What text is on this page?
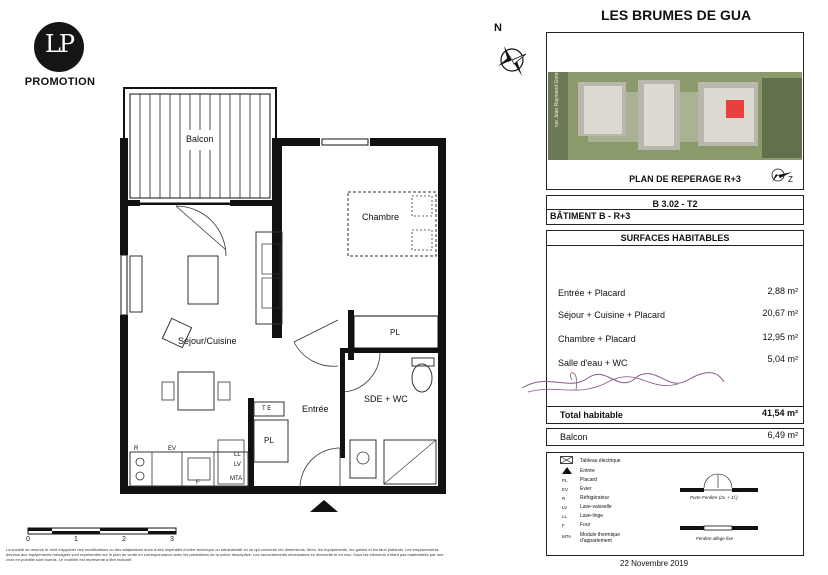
LP
PROMOTION
Balcon
Chambre
Séjour/Cuisine
PL
SDE + WC
Entrée
PL
T E
EV
R
LL
LV
MTA
F
0	1	2	3
LES BRUMES DE GUA
N
rue Jean Raymond Gorez
PLAN DE REPERAGE R+3	Z
B 3.02 - T2
BÂTIMENT B - R+3
SURFACES HABITABLES
Entrée + Placard	2,88 m²
Séjour + Cuisine + Placard	20,67 m²
Chambre + Placard	12,95 m²
Salle d'eau + WC	5,04 m²
Total habitable	41,54 m²
Balcon	6,49 m²
Tableau électrique
Entrée
PL Placard
EV Evier
R	Réfrigérateur
LV	Lave-vaisselle
LL	Lave-linge
F	Four
MTA Module thermique d'appartement
Porte Fenêtre (2v. + 1f.)
Fenêtre allège fixe
La société se réserve le droit d'apporter des modifications ou des adaptations dues à des impératifs d'ordre technique ou administratif en ce qui concerne les dimensions, titres, les équipements, les gaines et les faux plafonds. Les emplacements dévolus aux équipements ménagers sont représentés sur le plan de vente en correspondance avec les prestations de la notice descriptive. Les raccordements nécessaires en électricité et en eau. Sous les éléments n'étant pas matérialisés par une croix en pointillé sont fournis. Le mobilier est représenté à titre indicatif.	22 Novembre 2019
